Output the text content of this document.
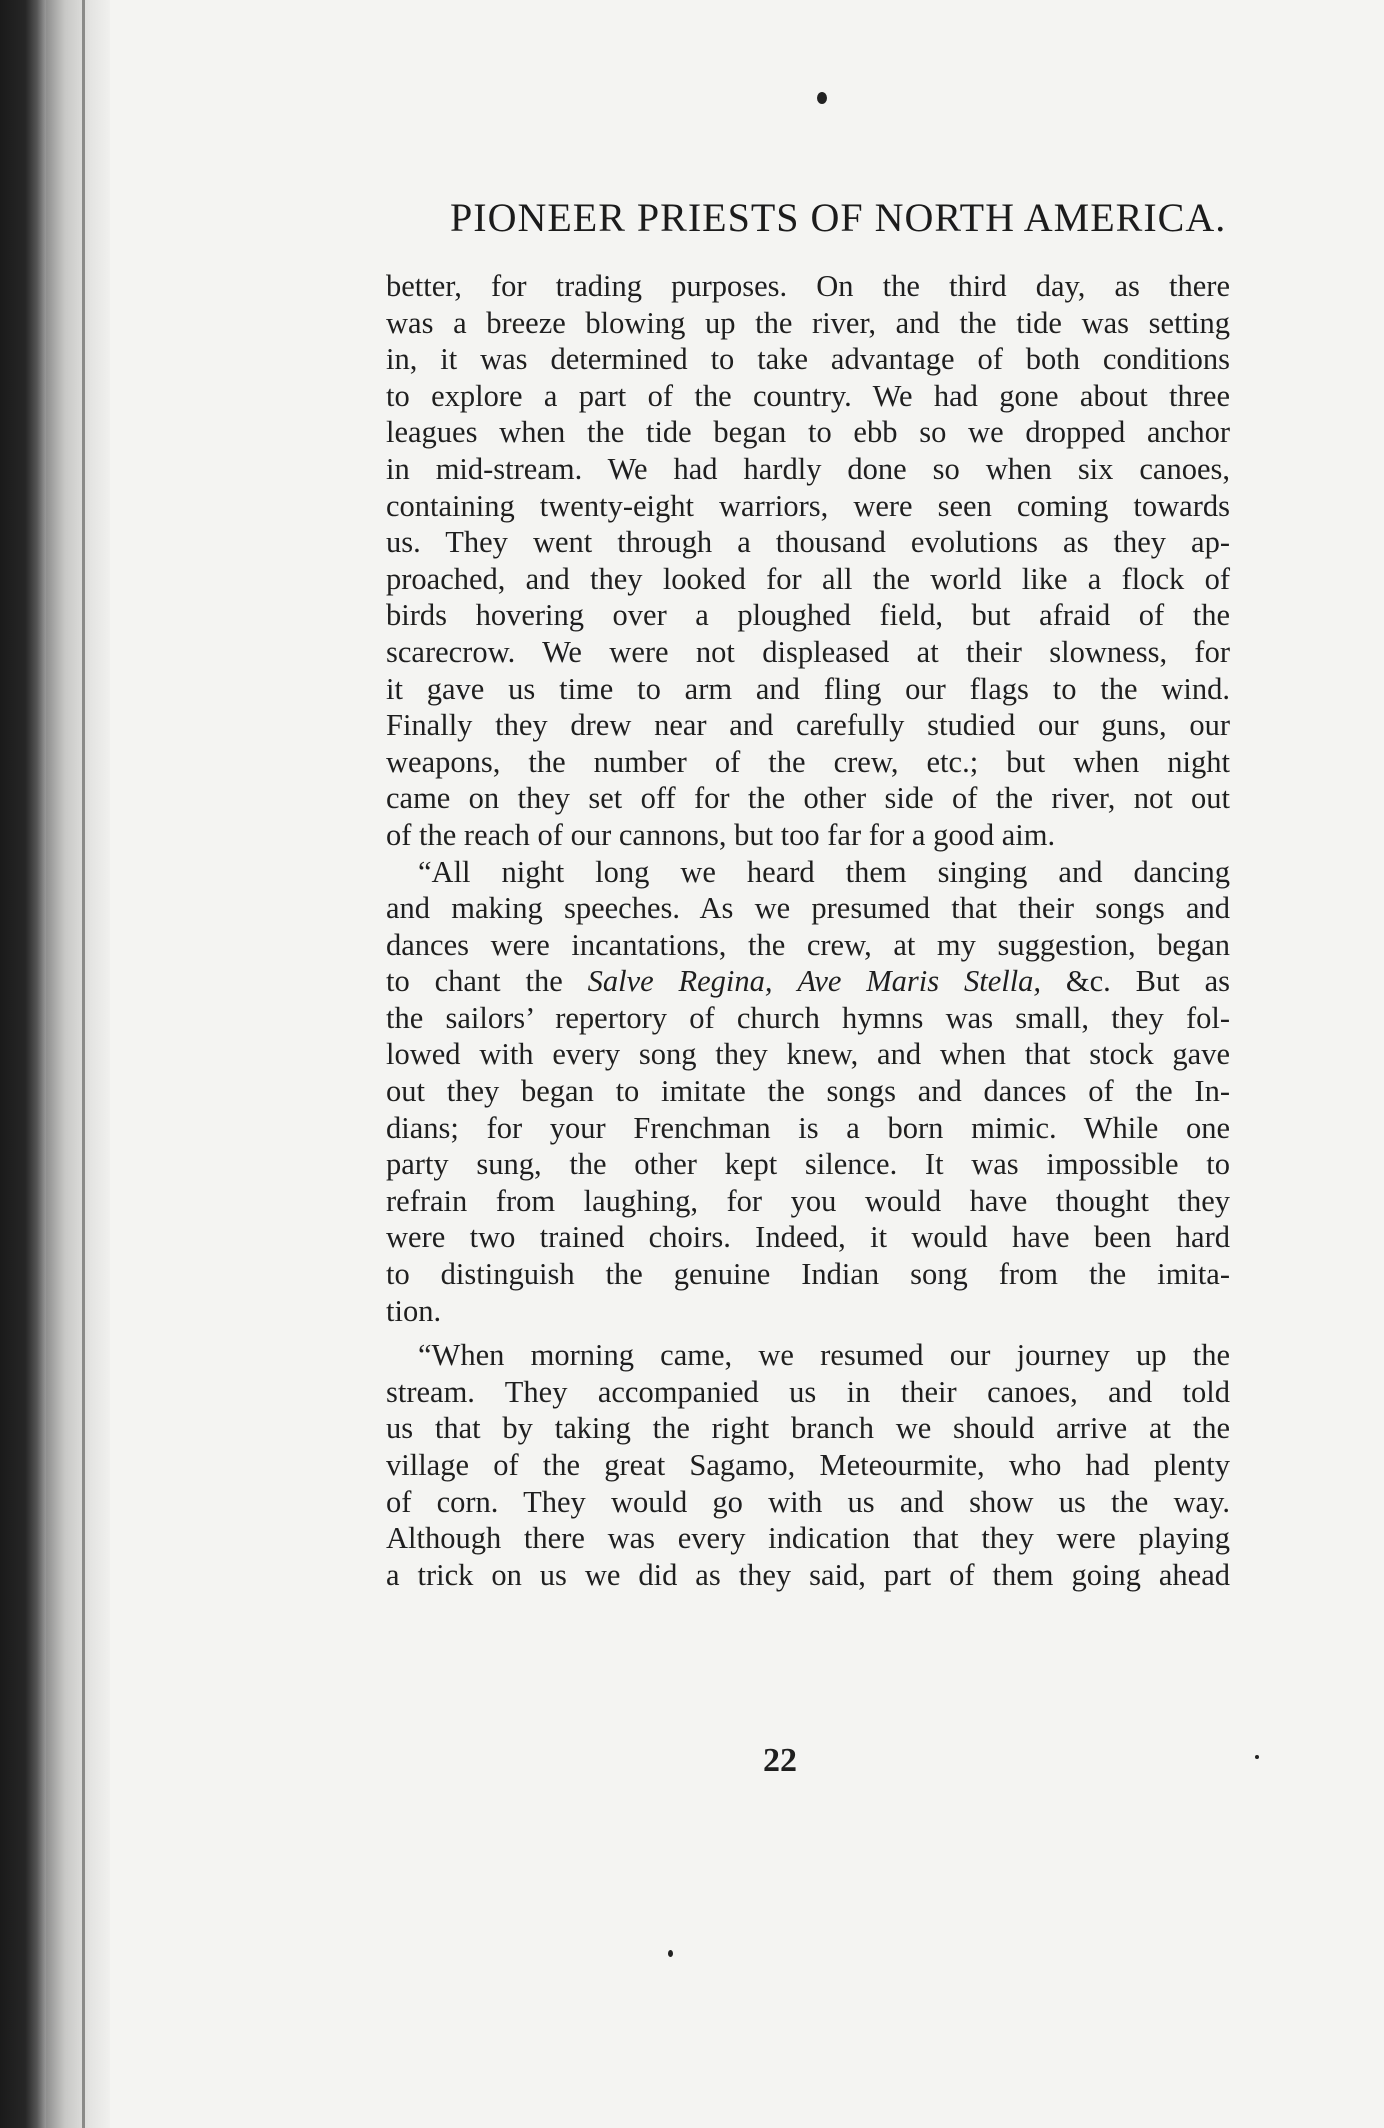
PIONEER PRIESTS OF NORTH AMERICA.
better, for trading purposes. On the third day, as there
was a breeze blowing up the river, and the tide was setting
in, it was determined to take advantage of both conditions
to explore a part of the country. We had gone about three
leagues when the tide began to ebb so we dropped anchor
in mid-stream. We had hardly done so when six canoes,
containing twenty-eight warriors, were seen coming towards
us. They went through a thousand evolutions as they ap-
proached, and they looked for all the world like a flock of
birds hovering over a ploughed field, but afraid of the
scarecrow. We were not displeased at their slowness, for
it gave us time to arm and fling our flags to the wind.
Finally they drew near and carefully studied our guns, our
weapons, the number of the crew, etc.; but when night
came on they set off for the other side of the river, not out
of the reach of our cannons, but too far for a good aim.
“All night long we heard them singing and dancing
and making speeches. As we presumed that their songs and
dances were incantations, the crew, at my suggestion, began
to chant the Salve Regina, Ave Maris Stella, &c. But as
the sailors’ repertory of church hymns was small, they fol-
lowed with every song they knew, and when that stock gave
out they began to imitate the songs and dances of the In-
dians; for your Frenchman is a born mimic. While one
party sung, the other kept silence. It was impossible to
refrain from laughing, for you would have thought they
were two trained choirs. Indeed, it would have been hard
to distinguish the genuine Indian song from the imita-
tion.
“When morning came, we resumed our journey up the
stream. They accompanied us in their canoes, and told
us that by taking the right branch we should arrive at the
village of the great Sagamo, Meteourmite, who had plenty
of corn. They would go with us and show us the way.
Although there was every indication that they were playing
a trick on us we did as they said, part of them going ahead
22
